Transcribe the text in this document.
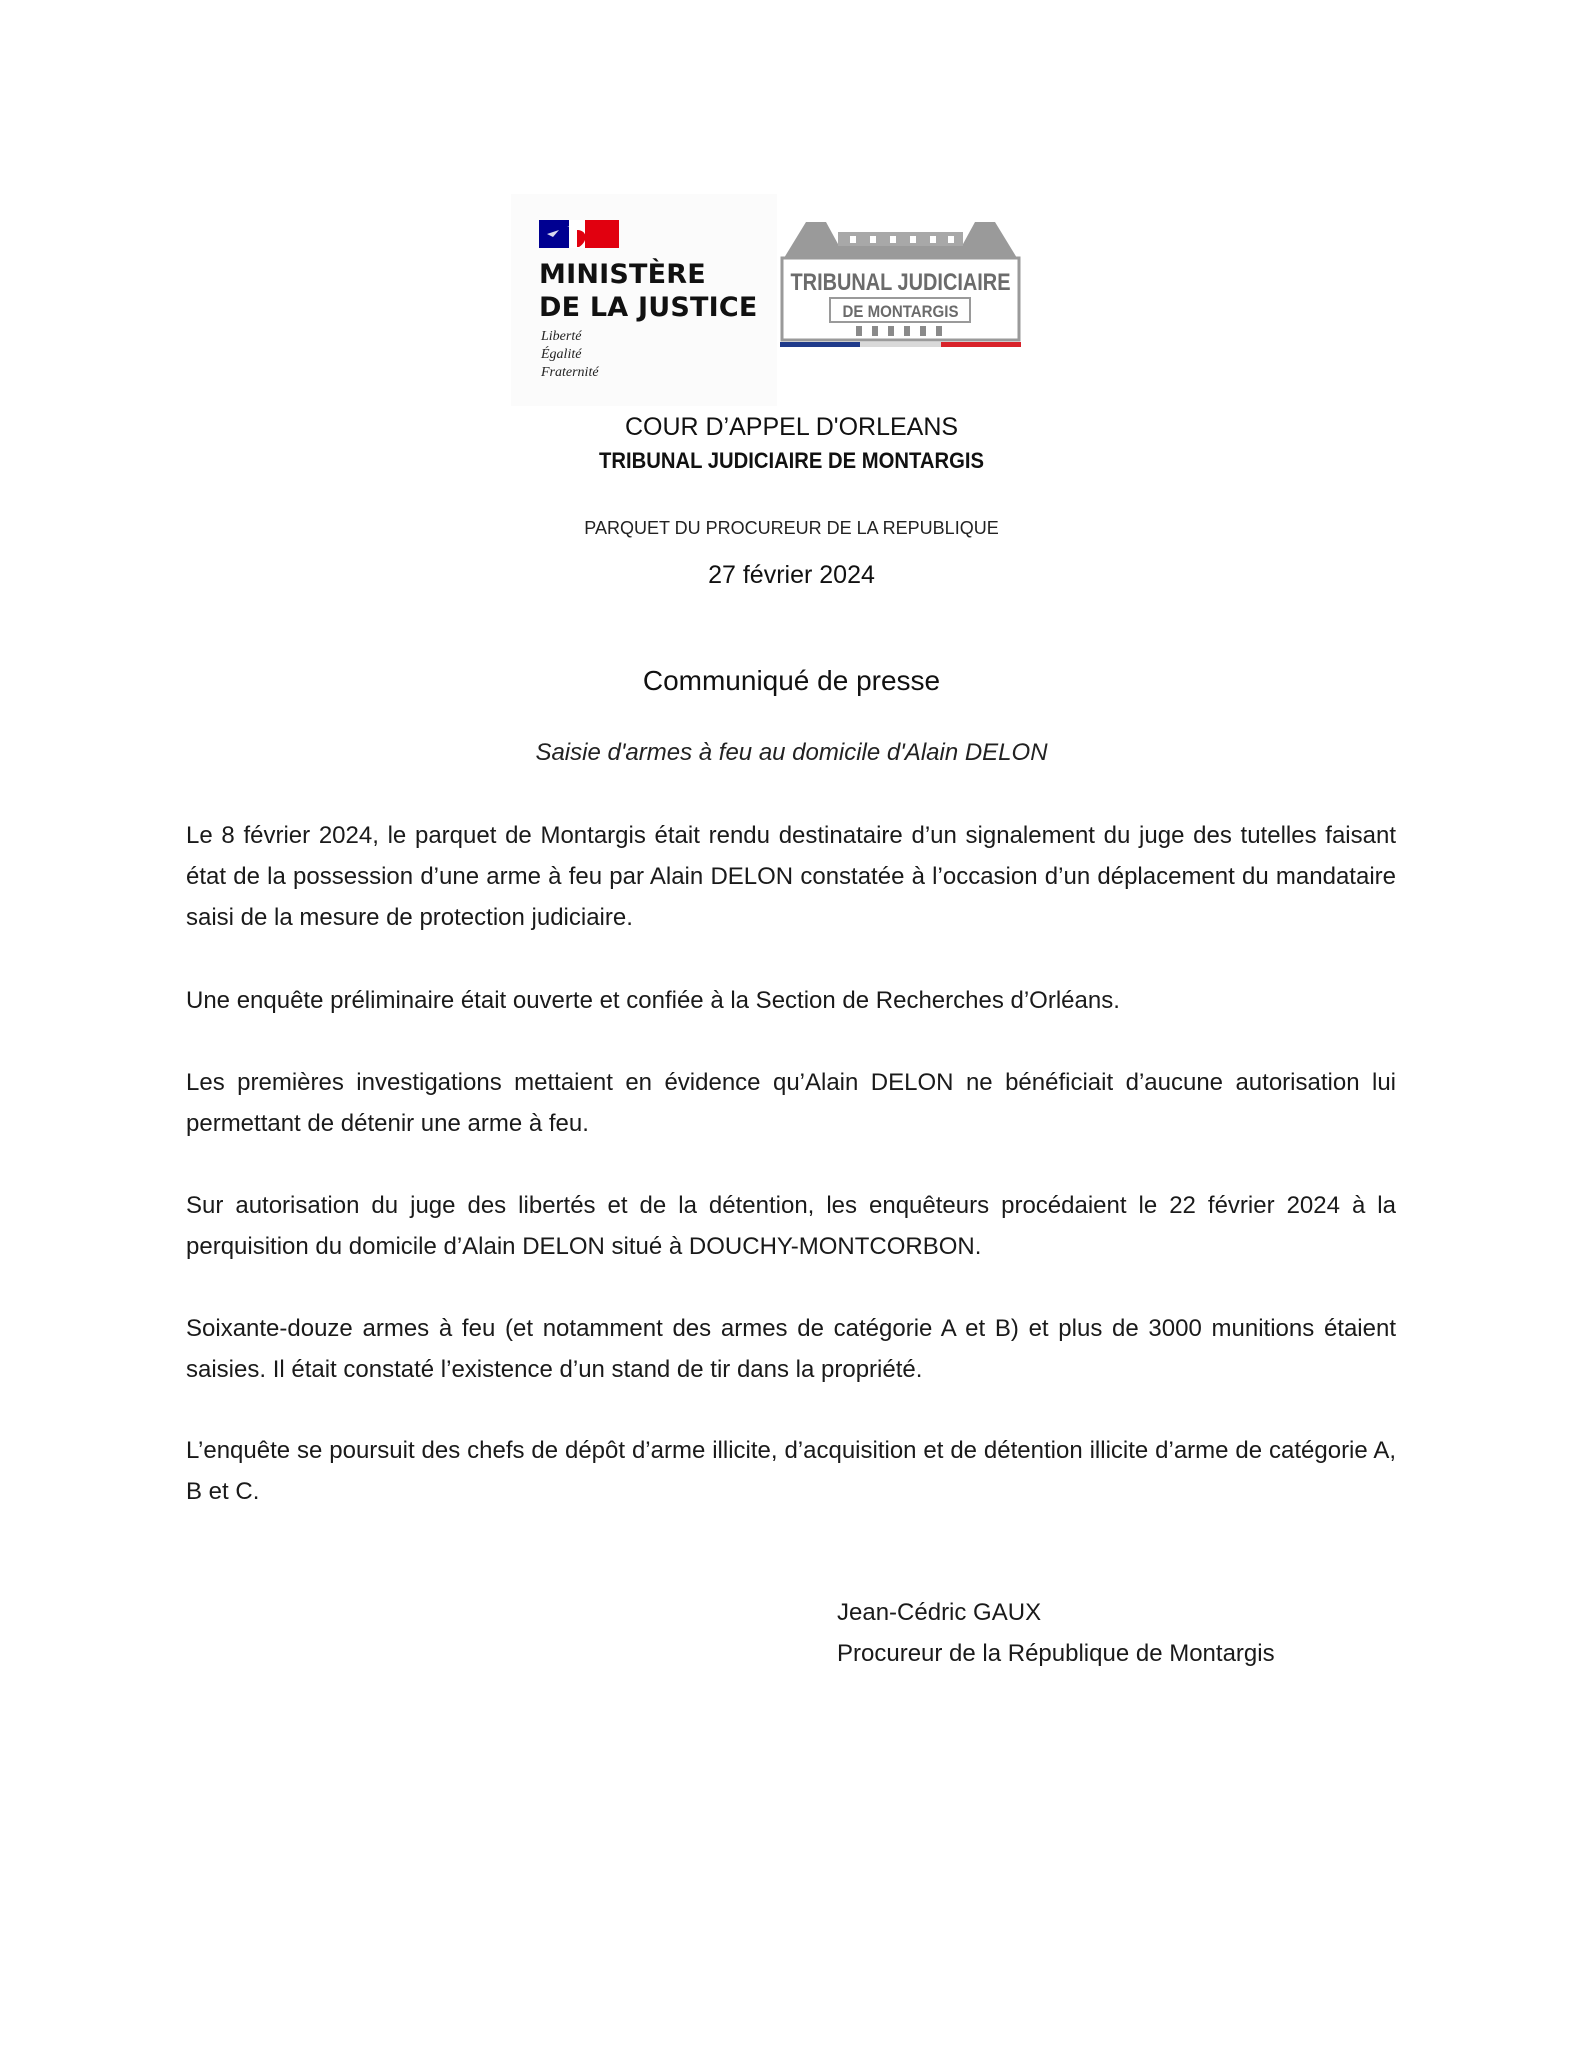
MINISTÈRE
DE LA JUSTICE
Liberté
Égalité
Fraternité
TRIBUNAL JUDICIAIRE
DE MONTARGIS
COUR D’APPEL D'ORLEANS
TRIBUNAL JUDICIAIRE DE MONTARGIS
PARQUET DU PROCUREUR DE LA REPUBLIQUE
27 février 2024
Communiqué de presse
Saisie d'armes à feu au domicile d'Alain DELON

Le 8 février 2024, le parquet de Montargis était rendu destinataire d’un signalement du juge des tutelles faisant état de la possession d’une arme à feu par Alain DELON constatée à l’occasion d’un déplacement du mandataire saisi de la mesure de protection judiciaire.

Une enquête préliminaire était ouverte et confiée à la Section de Recherches d’Orléans.

Les premières investigations mettaient en évidence qu’Alain DELON ne bénéficiait d’aucune autorisation lui permettant de détenir une arme à feu.

Sur autorisation du juge des libertés et de la détention, les enquêteurs procédaient le 22 février 2024 à la perquisition du domicile d’Alain DELON situé à DOUCHY-MONTCORBON.

Soixante-douze armes à feu (et notamment des armes de catégorie A et B) et plus de 3000 munitions étaient saisies. Il était constaté l’existence d’un stand de tir dans la propriété.

L’enquête se poursuit des chefs de dépôt d’arme illicite, d’acquisition et de détention illicite d’arme de catégorie A, B et C.

Jean-Cédric GAUX
Procureur de la République de Montargis
